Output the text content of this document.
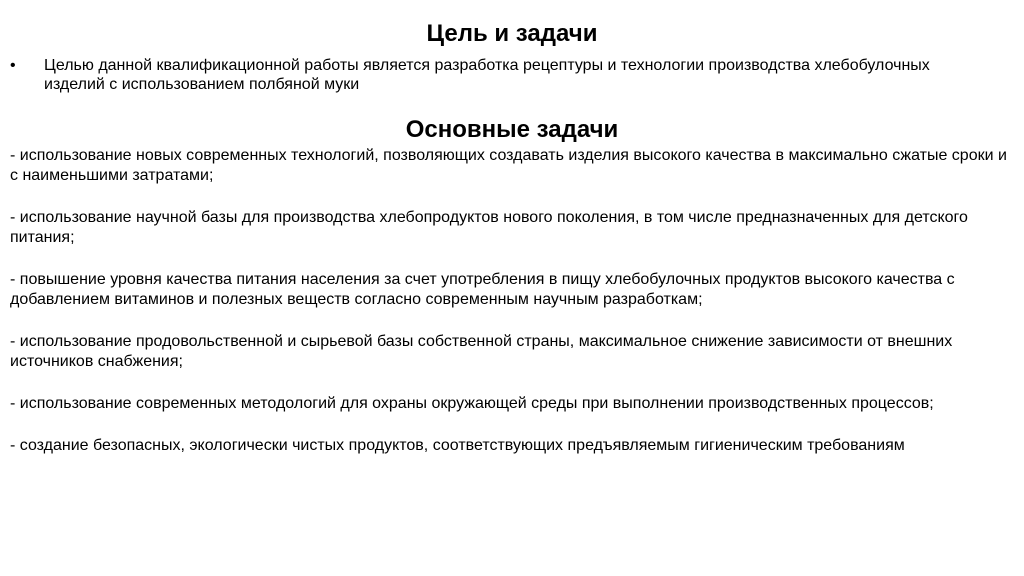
Цель и задачи
•	Целью данной квалификационной работы является разработка рецептуры и технологии производства хлебобулочных изделий с использованием полбяной муки
Основные задачи
- использование новых современных технологий, позволяющих создавать изделия высокого качества в максимально сжатые сроки и с наименьшими затратами;
- использование научной базы для производства хлебопродуктов нового поколения, в том числе предназначенных для детского питания;
- повышение уровня качества питания населения за счет употребления в пищу хлебобулочных продуктов высокого качества с добавлением витаминов и полезных веществ согласно современным научным разработкам;
- использование продовольственной и сырьевой базы собственной страны, максимальное снижение зависимости от внешних источников снабжения;
- использование современных методологий для охраны окружающей среды при выполнении производственных процессов;
- создание безопасных, экологически чистых продуктов, соответствующих предъявляемым гигиеническим требованиям
